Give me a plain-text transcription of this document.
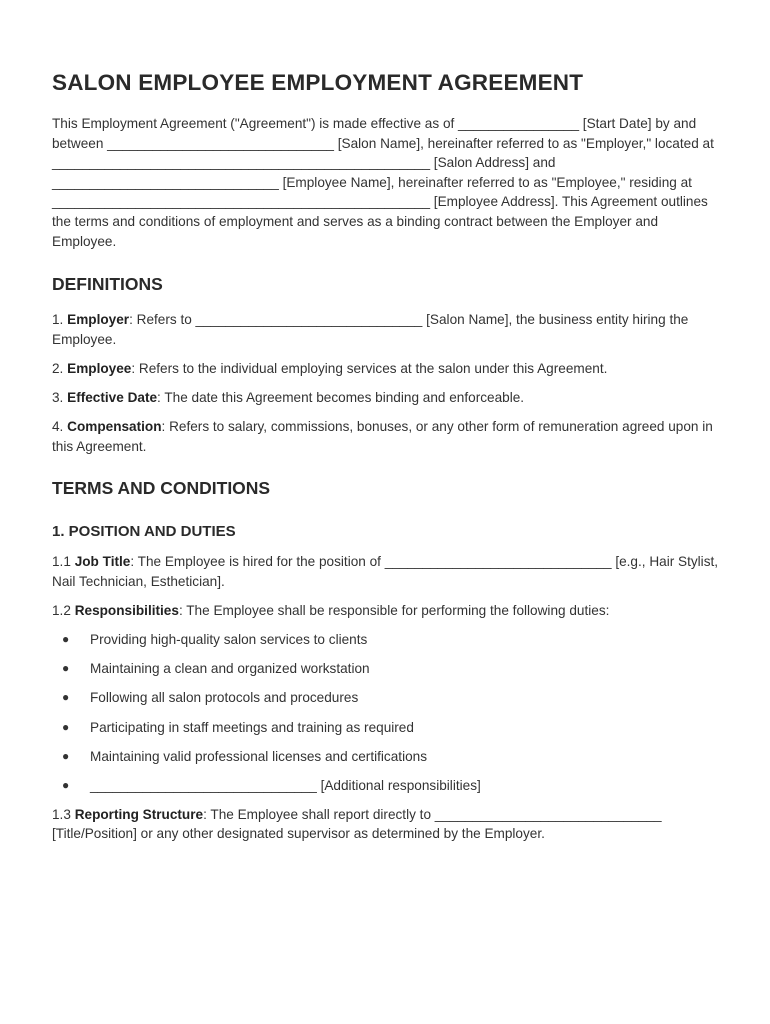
SALON EMPLOYEE EMPLOYMENT AGREEMENT

This Employment Agreement ("Agreement") is made effective as of ________________ [Start Date] by and between ______________________________ [Salon Name], hereinafter referred to as "Employer," located at __________________________________________________ [Salon Address] and ______________________________ [Employee Name], hereinafter referred to as "Employee," residing at __________________________________________________ [Employee Address]. This Agreement outlines the terms and conditions of employment and serves as a binding contract between the Employer and Employee.

DEFINITIONS

1. Employer: Refers to ______________________________ [Salon Name], the business entity hiring the Employee.

2. Employee: Refers to the individual employing services at the salon under this Agreement.

3. Effective Date: The date this Agreement becomes binding and enforceable.

4. Compensation: Refers to salary, commissions, bonuses, or any other form of remuneration agreed upon in this Agreement.

TERMS AND CONDITIONS
1. POSITION AND DUTIES

1.1 Job Title: The Employee is hired for the position of ______________________________ [e.g., Hair Stylist, Nail Technician, Esthetician].

1.2 Responsibilities: The Employee shall be responsible for performing the following duties:

● Providing high-quality salon services to clients
● Maintaining a clean and organized workstation
● Following all salon protocols and procedures
● Participating in staff meetings and training as required
● Maintaining valid professional licenses and certifications
● ______________________________ [Additional responsibilities]

1.3 Reporting Structure: The Employee shall report directly to ______________________________ [Title/Position] or any other designated supervisor as determined by the Employer.
